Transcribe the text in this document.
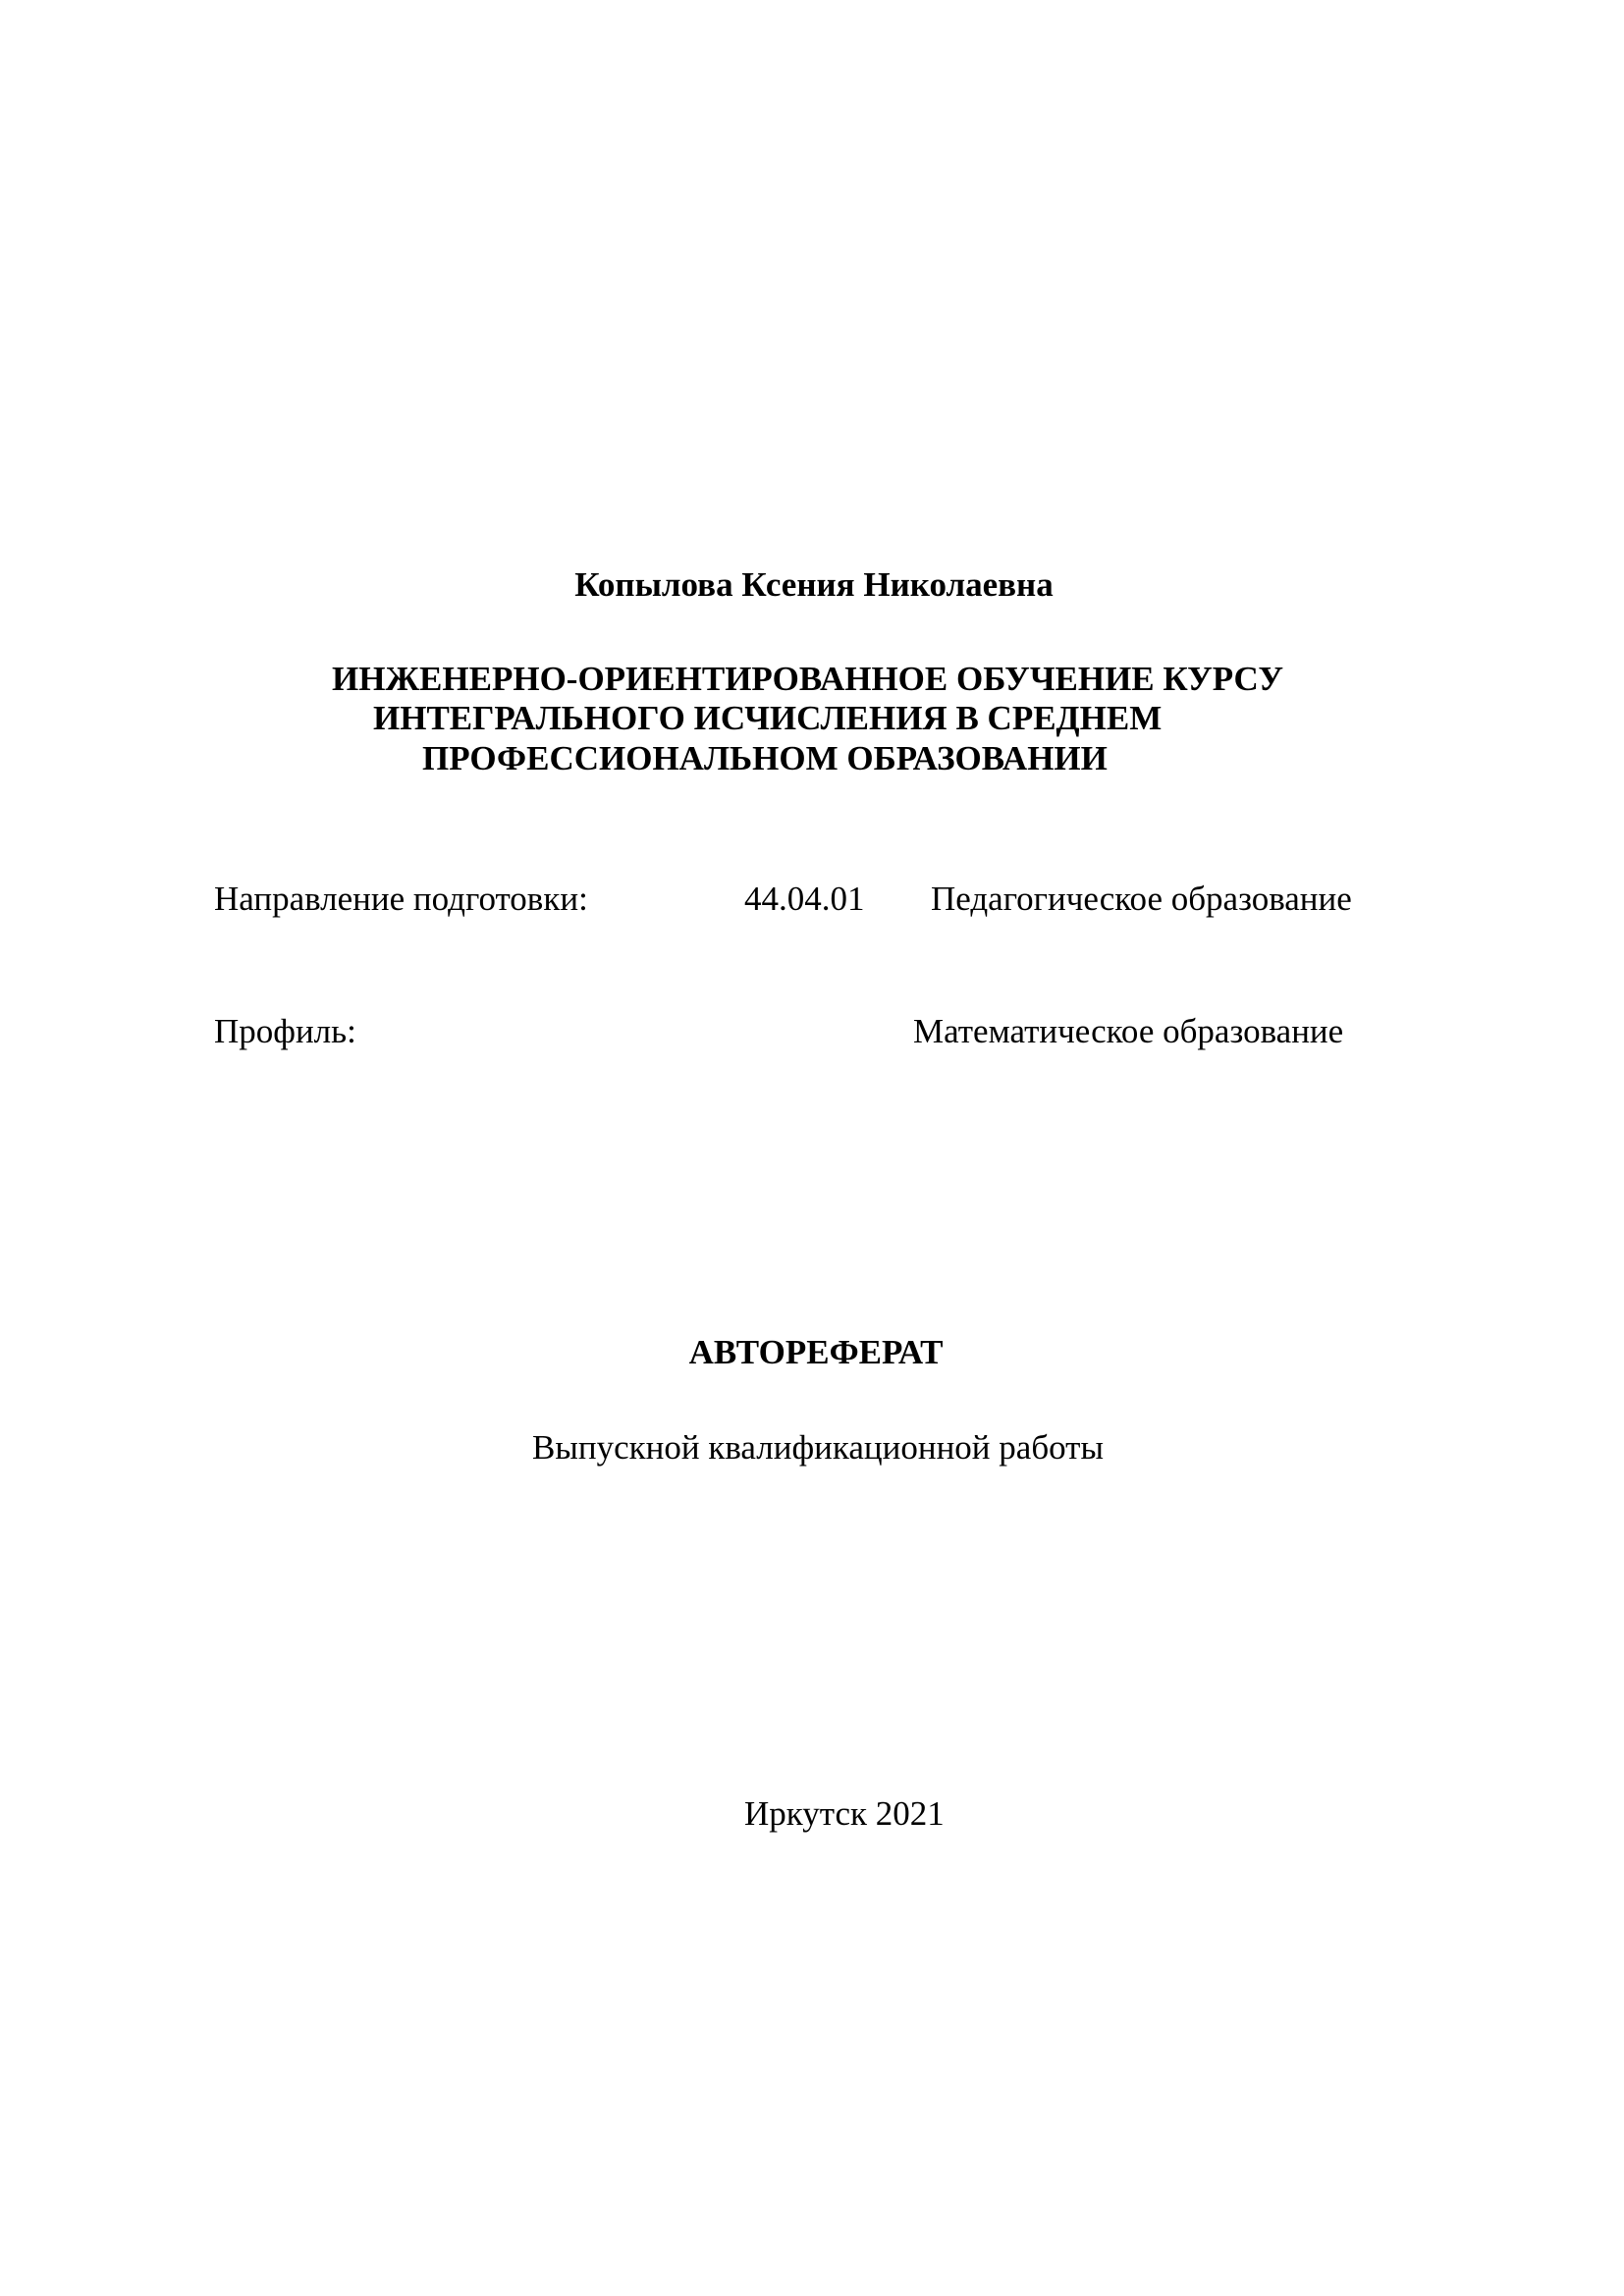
Копылова Ксения Николаевна
ИНЖЕНЕРНО-ОРИЕНТИРОВАННОЕ ОБУЧЕНИЕ КУРСУ
ИНТЕГРАЛЬНОГО ИСЧИСЛЕНИЯ В СРЕДНЕМ
ПРОФЕССИОНАЛЬНОМ ОБРАЗОВАНИИ
Направление подготовки:	44.04.01 Педагогическое образование
Профиль:	Математическое образование
АВТОРЕФЕРАТ
Выпускной квалификационной работы
Иркутск 2021
